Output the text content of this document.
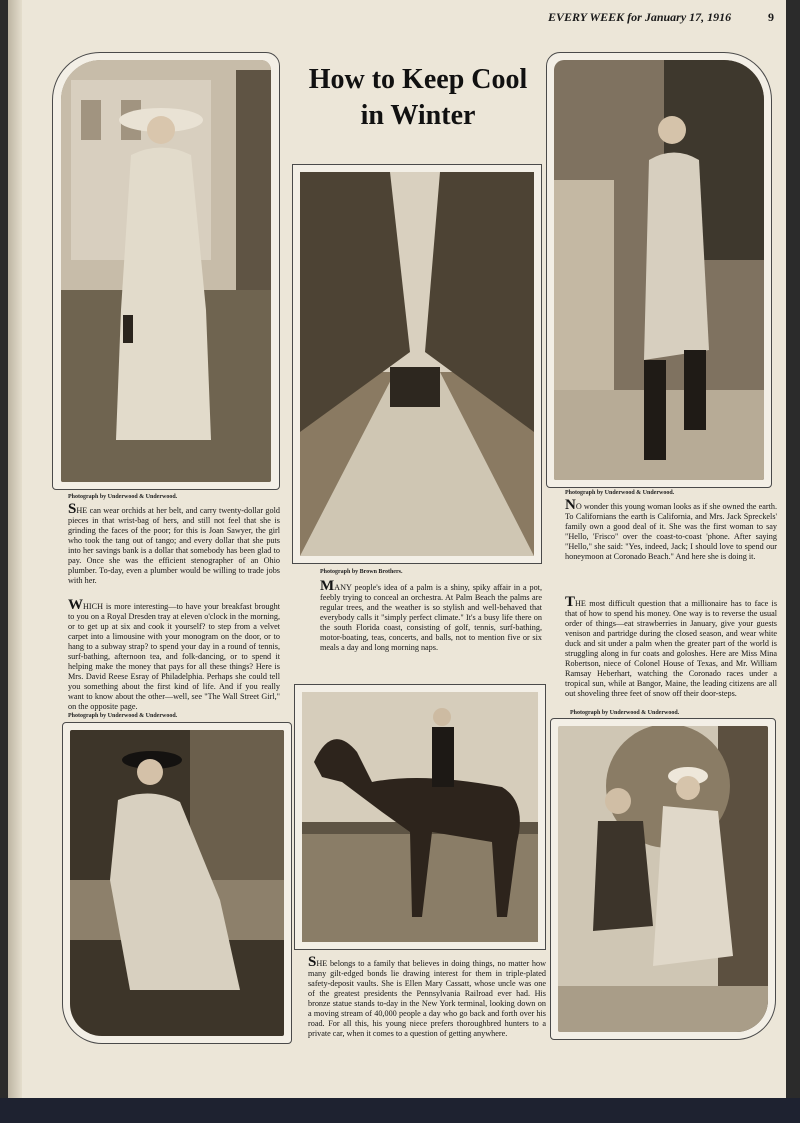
EVERY WEEK for January 17, 1916	9
How to Keep Cool
in Winter
Photograph by Underwood & Underwood.
SHE can wear orchids at her belt, and carry twenty-dollar gold pieces in that wrist-bag of hers, and still not feel that she is grinding the faces of the poor; for this is Joan Sawyer, the girl who took the tang out of tango; and every dollar that she puts into her savings bank is a dollar that somebody has been glad to pay. Once she was the efficient stenographer of an Ohio plumber. To-day, even a plumber would be willing to trade jobs with her.
WHICH is more interesting—to have your breakfast brought to you on a Royal Dresden tray at eleven o'clock in the morning, or to get up at six and cook it yourself? to step from a velvet carpet into a limousine with your monogram on the door, or to hang to a subway strap? to spend your day in a round of tennis, surf-bathing, afternoon tea, and folk-dancing, or to spend it helping make the money that pays for all these things? Here is Mrs. David Reese Esray of Philadelphia. Perhaps she could tell you something about the first kind of life. And if you really want to know about the other—well, see "The Wall Street Girl," on the opposite page.
Photograph by Underwood & Underwood.
Photograph by Brown Brothers.
MANY people's idea of a palm is a shiny, spiky affair in a pot, feebly trying to conceal an orchestra. At Palm Beach the palms are regular trees, and the weather is so stylish and well-behaved that everybody calls it "simply perfect climate." It's a busy life there on the south Florida coast, consisting of golf, tennis, surf-bathing, motor-boating, teas, concerts, and balls, not to mention five or six meals a day and long morning naps.
Photograph by Underwood & Underwood.
NO wonder this young woman looks as if she owned the earth. To Californians the earth is California, and Mrs. Jack Spreckels' family own a good deal of it. She was the first woman to say "Hello, 'Frisco" over the coast-to-coast 'phone. After saying "Hello," she said: "Yes, indeed, Jack; I should love to spend our honeymoon at Coronado Beach." And here she is doing it.
THE most difficult question that a millionaire has to face is that of how to spend his money. One way is to reverse the usual order of things—eat strawberries in January, give your guests venison and partridge during the closed season, and wear white duck and sit under a palm when the greater part of the world is struggling along in fur coats and goloshes. Here are Miss Mina Robertson, niece of Colonel House of Texas, and Mr. William Ramsay Heberhart, watching the Coronado races under a tropical sun, while at Bangor, Maine, the leading citizens are all out shoveling three feet of snow off their door-steps.
Photograph by Underwood & Underwood.
SHE belongs to a family that believes in doing things, no matter how many gilt-edged bonds lie drawing interest for them in triple-plated safety-deposit vaults. She is Ellen Mary Cassatt, whose uncle was one of the greatest presidents the Pennsylvania Railroad ever had. His bronze statue stands to-day in the New York terminal, looking down on a moving stream of 40,000 people a day who go back and forth over his road. For all this, his young niece prefers thoroughbred hunters to a private car, when it comes to a question of getting anywhere.
